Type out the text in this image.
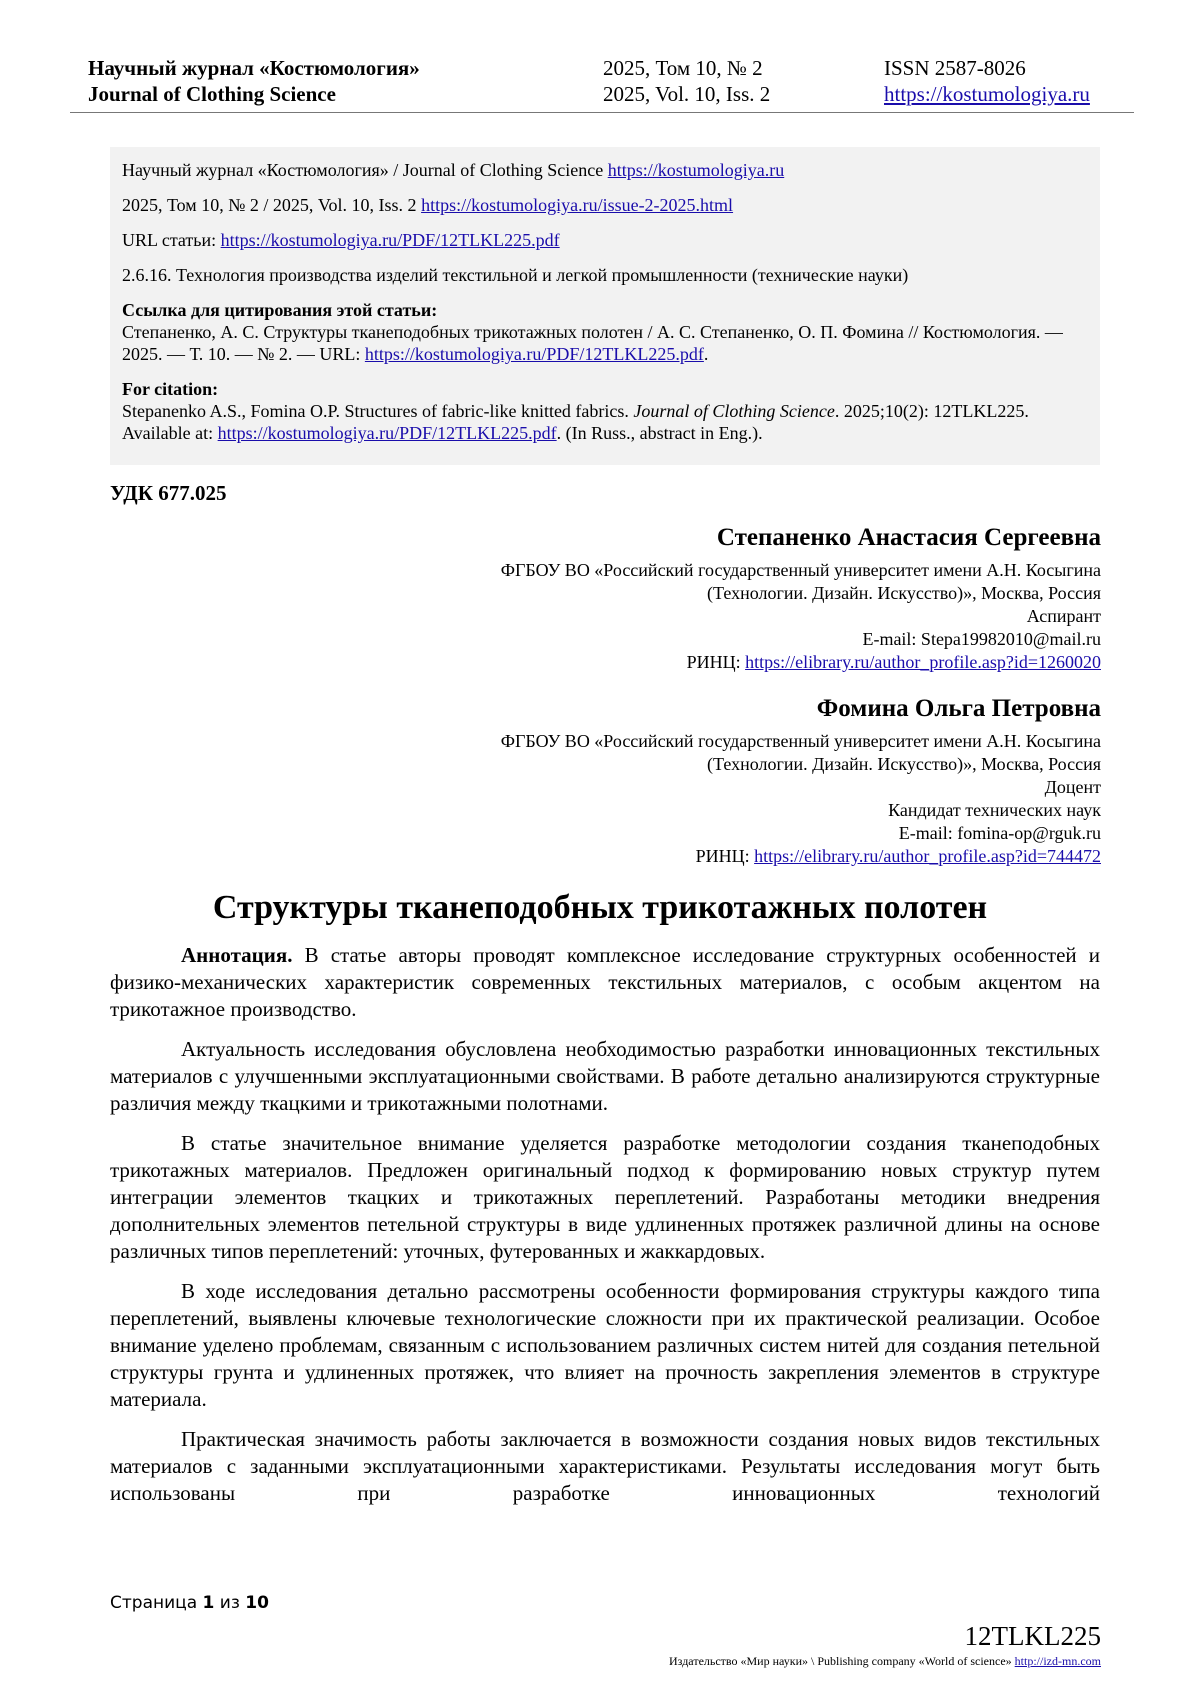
Научный журнал «Костюмология»
Journal of Clothing Science
2025, Том 10, № 2
2025, Vol. 10, Iss. 2
ISSN 2587-8026
https://kostumologiya.ru

Научный журнал «Костюмология» / Journal of Clothing Science https://kostumologiya.ru

2025, Том 10, № 2 / 2025, Vol. 10, Iss. 2 https://kostumologiya.ru/issue-2-2025.html

URL статьи: https://kostumologiya.ru/PDF/12TLKL225.pdf

2.6.16. Технология производства изделий текстильной и легкой промышленности (технические науки)

Ссылка для цитирования этой статьи:
Степаненко, А. С. Структуры тканеподобных трикотажных полотен / А. С. Степаненко, О. П. Фомина // Костюмология. — 2025. — Т. 10. — № 2. — URL: https://kostumologiya.ru/PDF/12TLKL225.pdf.

For citation:
Stepanenko A.S., Fomina O.P. Structures of fabric-like knitted fabrics. Journal of Clothing Science. 2025;10(2): 12TLKL225. Available at: https://kostumologiya.ru/PDF/12TLKL225.pdf. (In Russ., abstract in Eng.).

УДК 677.025
Степаненко Анастасия Сергеевна
ФГБОУ ВО «Российский государственный университет имени А.Н. Косыгина
(Технологии. Дизайн. Искусство)», Москва, Россия
Аспирант
E-mail: Stepa19982010@mail.ru
РИНЦ: https://elibrary.ru/author_profile.asp?id=1260020
Фомина Ольга Петровна
ФГБОУ ВО «Российский государственный университет имени А.Н. Косыгина
(Технологии. Дизайн. Искусство)», Москва, Россия
Доцент
Кандидат технических наук
E-mail: fomina-op@rguk.ru
РИНЦ: https://elibrary.ru/author_profile.asp?id=744472
Структуры тканеподобных трикотажных полотен

Аннотация. В статье авторы проводят комплексное исследование структурных особенностей и физико-механических характеристик современных текстильных материалов, с особым акцентом на трикотажное производство.

Актуальность исследования обусловлена необходимостью разработки инновационных текстильных материалов с улучшенными эксплуатационными свойствами. В работе детально анализируются структурные различия между ткацкими и трикотажными полотнами.

В статье значительное внимание уделяется разработке методологии создания тканеподобных трикотажных материалов. Предложен оригинальный подход к формированию новых структур путем интеграции элементов ткацких и трикотажных переплетений. Разработаны методики внедрения дополнительных элементов петельной структуры в виде удлиненных протяжек различной длины на основе различных типов переплетений: уточных, футерованных и жаккардовых.

В ходе исследования детально рассмотрены особенности формирования структуры каждого типа переплетений, выявлены ключевые технологические сложности при их практической реализации. Особое внимание уделено проблемам, связанным с использованием различных систем нитей для создания петельной структуры грунта и удлиненных протяжек, что влияет на прочность закрепления элементов в структуре материала.

Практическая значимость работы заключается в возможности создания новых видов текстильных материалов с заданными эксплуатационными характеристиками. Результаты исследования могут быть использованы при разработке инновационных технологий

Страница 1 из 10
12TLKL225
Издательство «Мир науки» \ Publishing company «World of science» http://izd-mn.com
